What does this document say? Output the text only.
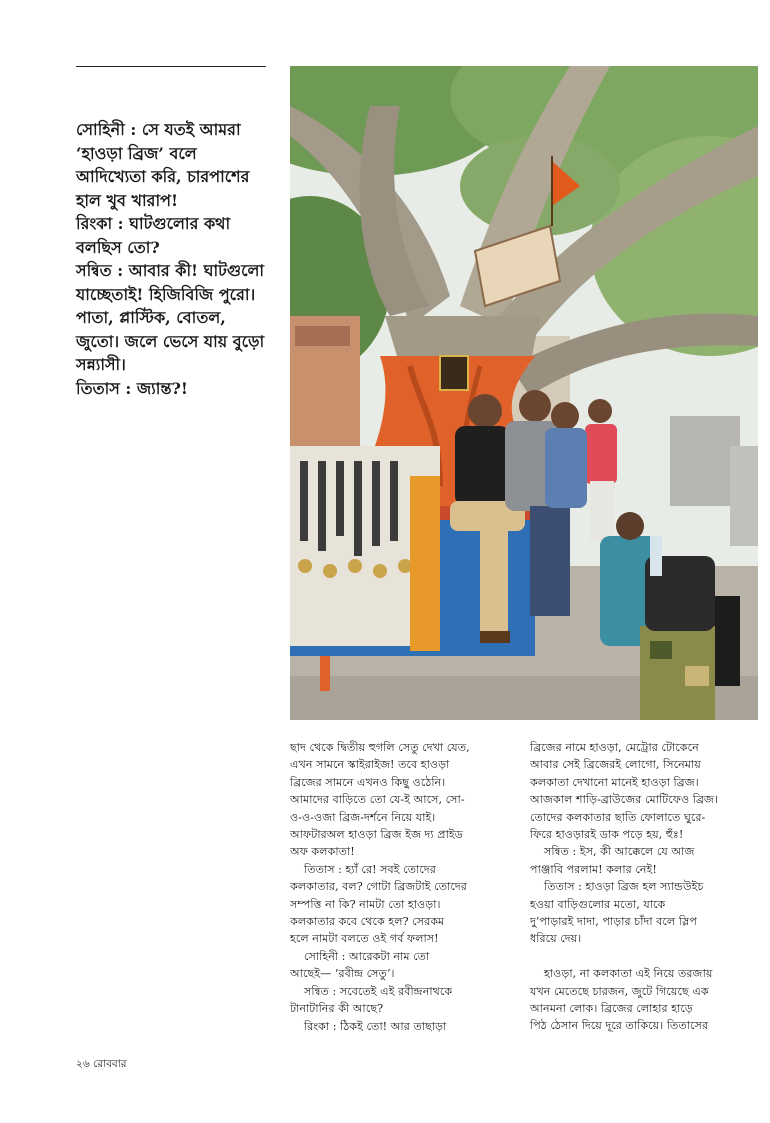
সোহিনী : সে যতই আমরা

‘হাওড়া ব্রিজ’ বলে

আদিখ্যেতা করি, চারপাশের

হাল খুব খারাপ!

রিংকা : ঘাটগুলোর কথা

বলছিস তো?

সন্বিত : আবার কী! ঘাটগুলো

যাচ্ছেতাই! হিজিবিজি পুরো।

পাতা, প্লাস্টিক, বোতল,

জুতো। জলে ভেসে যায় বুড়ো

সন্ন্যাসী।

তিতাস : জ্যান্ত?!

ছাদ থেকে দ্বিতীয় হুগলি সেতু দেখা যেত,

এখন সামনে স্কাইরাইজ! তবে হাওড়া

ব্রিজের সামনে এখনও কিছু ওঠেনি।

আমাদের বাড়িতে তো যে-ই আসে, সো-

ও-ও-ওজা ব্রিজ-দর্শনে নিয়ে যাই।

আফটারঅল হাওড়া ব্রিজ ইজ দ্য প্রাইড

অফ কলকাতা!

তিতাস : হ্যাঁ রে! সবই তোদের

কলকাতার, বল? গোটা ব্রিজটাই তোদের

সম্পত্তি না কি? নামটা তো হাওড়া।

কলকাতার কবে থেকে হল? সেরকম

হলে নামটা বলতে ওই গর্ব ফলাস!

সোহিনী : আরেকটা নাম তো

আছেই— ‘রবীন্দ্র সেতু’।

সন্বিত : সবেতেই এই রবীন্দ্রনাথকে

টানাটানির কী আছে?

রিংকা : ঠিকই তো! আর তাছাড়া

ব্রিজের নামে হাওড়া, মেট্রোর টোকেনে

আবার সেই ব্রিজেরই লোগো, সিনেমায়

কলকাতা দেখানো মানেই হাওড়া ব্রিজ।

আজকাল শাড়ি-ব্রাউজের মোটিফেও ব্রিজ।

তোদের কলকাতার ছাতি ফোলাতে ঘুরে-

ফিরে হাওড়ারই ডাক পড়ে হয়, হুঁঃ!

সন্বিত : ইস, কী আক্কেলে যে আজ

পাঞ্জাবি পরলাম! কলার নেই!

তিতাস : হাওড়া ব্রিজ হল স্যান্ডউইচ

হওয়া বাড়িগুলোর মতো, যাকে

দু’পাড়ারই দাদা, পাড়ার চাঁদা বলে স্লিপ

ধরিয়ে দেয়।

হাওড়া, না কলকাতা এই নিয়ে তরজায়

যখন মেতেছে চারজন, জুটে গিয়েছে এক

আনমনা লোক। ব্রিজের লোহার হাড়ে

পিঠ ঠেসান দিয়ে দূরে তাকিয়ে। তিতাসের

২৬ রোববার
